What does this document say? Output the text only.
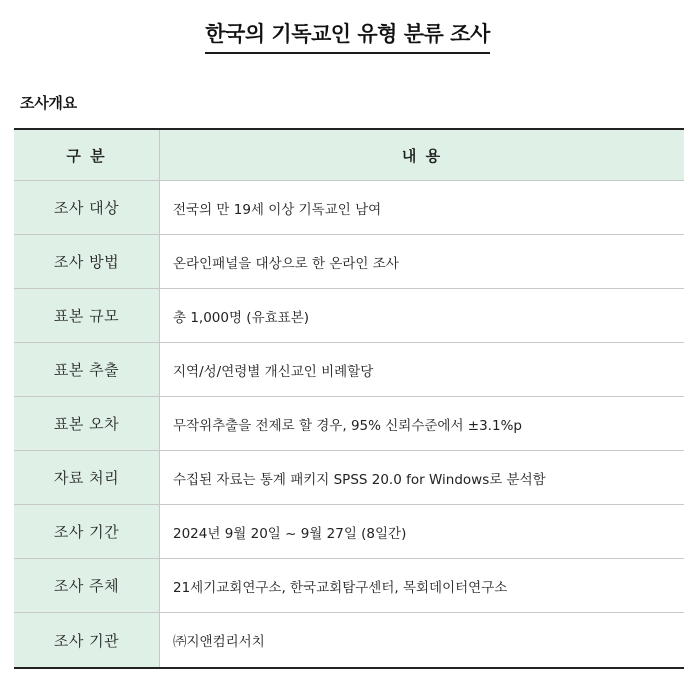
한국의 기독교인 유형 분류 조사
조사개요
구 분	내 용
조사 대상	전국의 만 19세 이상 기독교인 남여
조사 방법	온라인패널을 대상으로 한 온라인 조사
표본 규모	총 1,000명 (유효표본)
표본 추출	지역/성/연령별 개신교인 비례할당
표본 오차	무작위추출을 전제로 할 경우, 95% 신뢰수준에서 ±3.1%p
자료 처리	수집된 자료는 통계 패키지 SPSS 20.0 for Windows로 분석함
조사 기간	2024년 9월 20일 ~ 9월 27일 (8일간)
조사 주체	21세기교회연구소, 한국교회탐구센터, 목회데이터연구소
조사 기관	㈜지앤컴리서치
